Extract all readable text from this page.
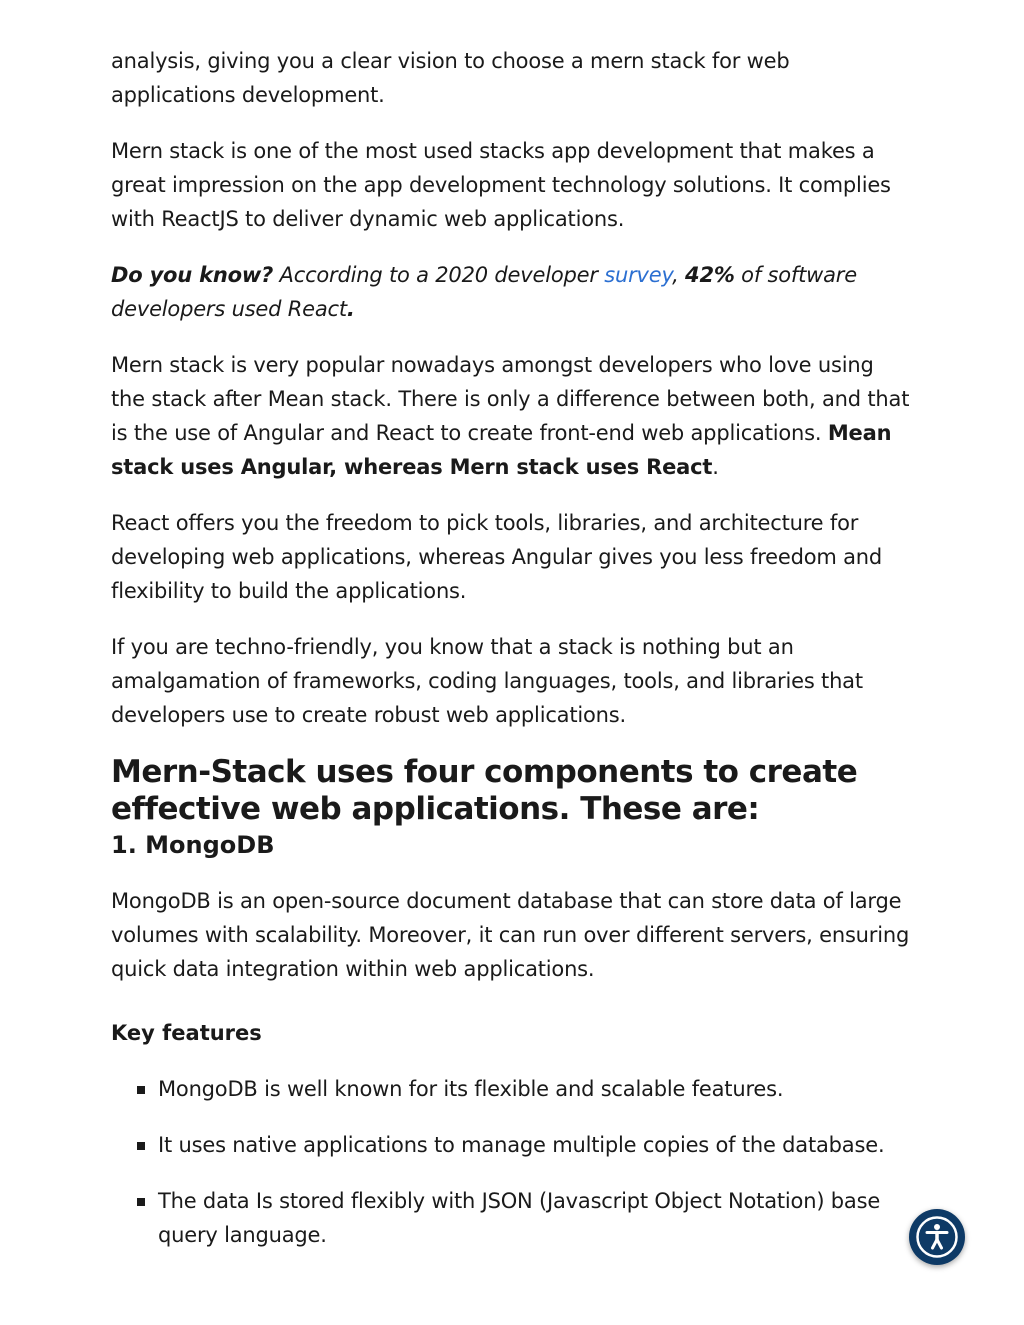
analysis, giving you a clear vision to choose a mern stack for web applications development.

Mern stack is one of the most used stacks app development that makes a great impression on the app development technology solutions. It complies with ReactJS to deliver dynamic web applications.

Do you know? According to a 2020 developer survey, 42% of software developers used React.

Mern stack is very popular nowadays amongst developers who love using the stack after Mean stack. There is only a difference between both, and that is the use of Angular and React to create front-end web applications. Mean stack uses Angular, whereas Mern stack uses React.

React offers you the freedom to pick tools, libraries, and architecture for developing web applications, whereas Angular gives you less freedom and flexibility to build the applications.

If you are techno-friendly, you know that a stack is nothing but an amalgamation of frameworks, coding languages, tools, and libraries that developers use to create robust web applications.

Mern-Stack uses four components to create effective web applications. These are:
1. MongoDB

MongoDB is an open-source document database that can store data of large volumes with scalability. Moreover, it can run over different servers, ensuring quick data integration within web applications.

Key features
MongoDB is well known for its flexible and scalable features.
It uses native applications to manage multiple copies of the database.
The data Is stored flexibly with JSON (Javascript Object Notation) base query language.
